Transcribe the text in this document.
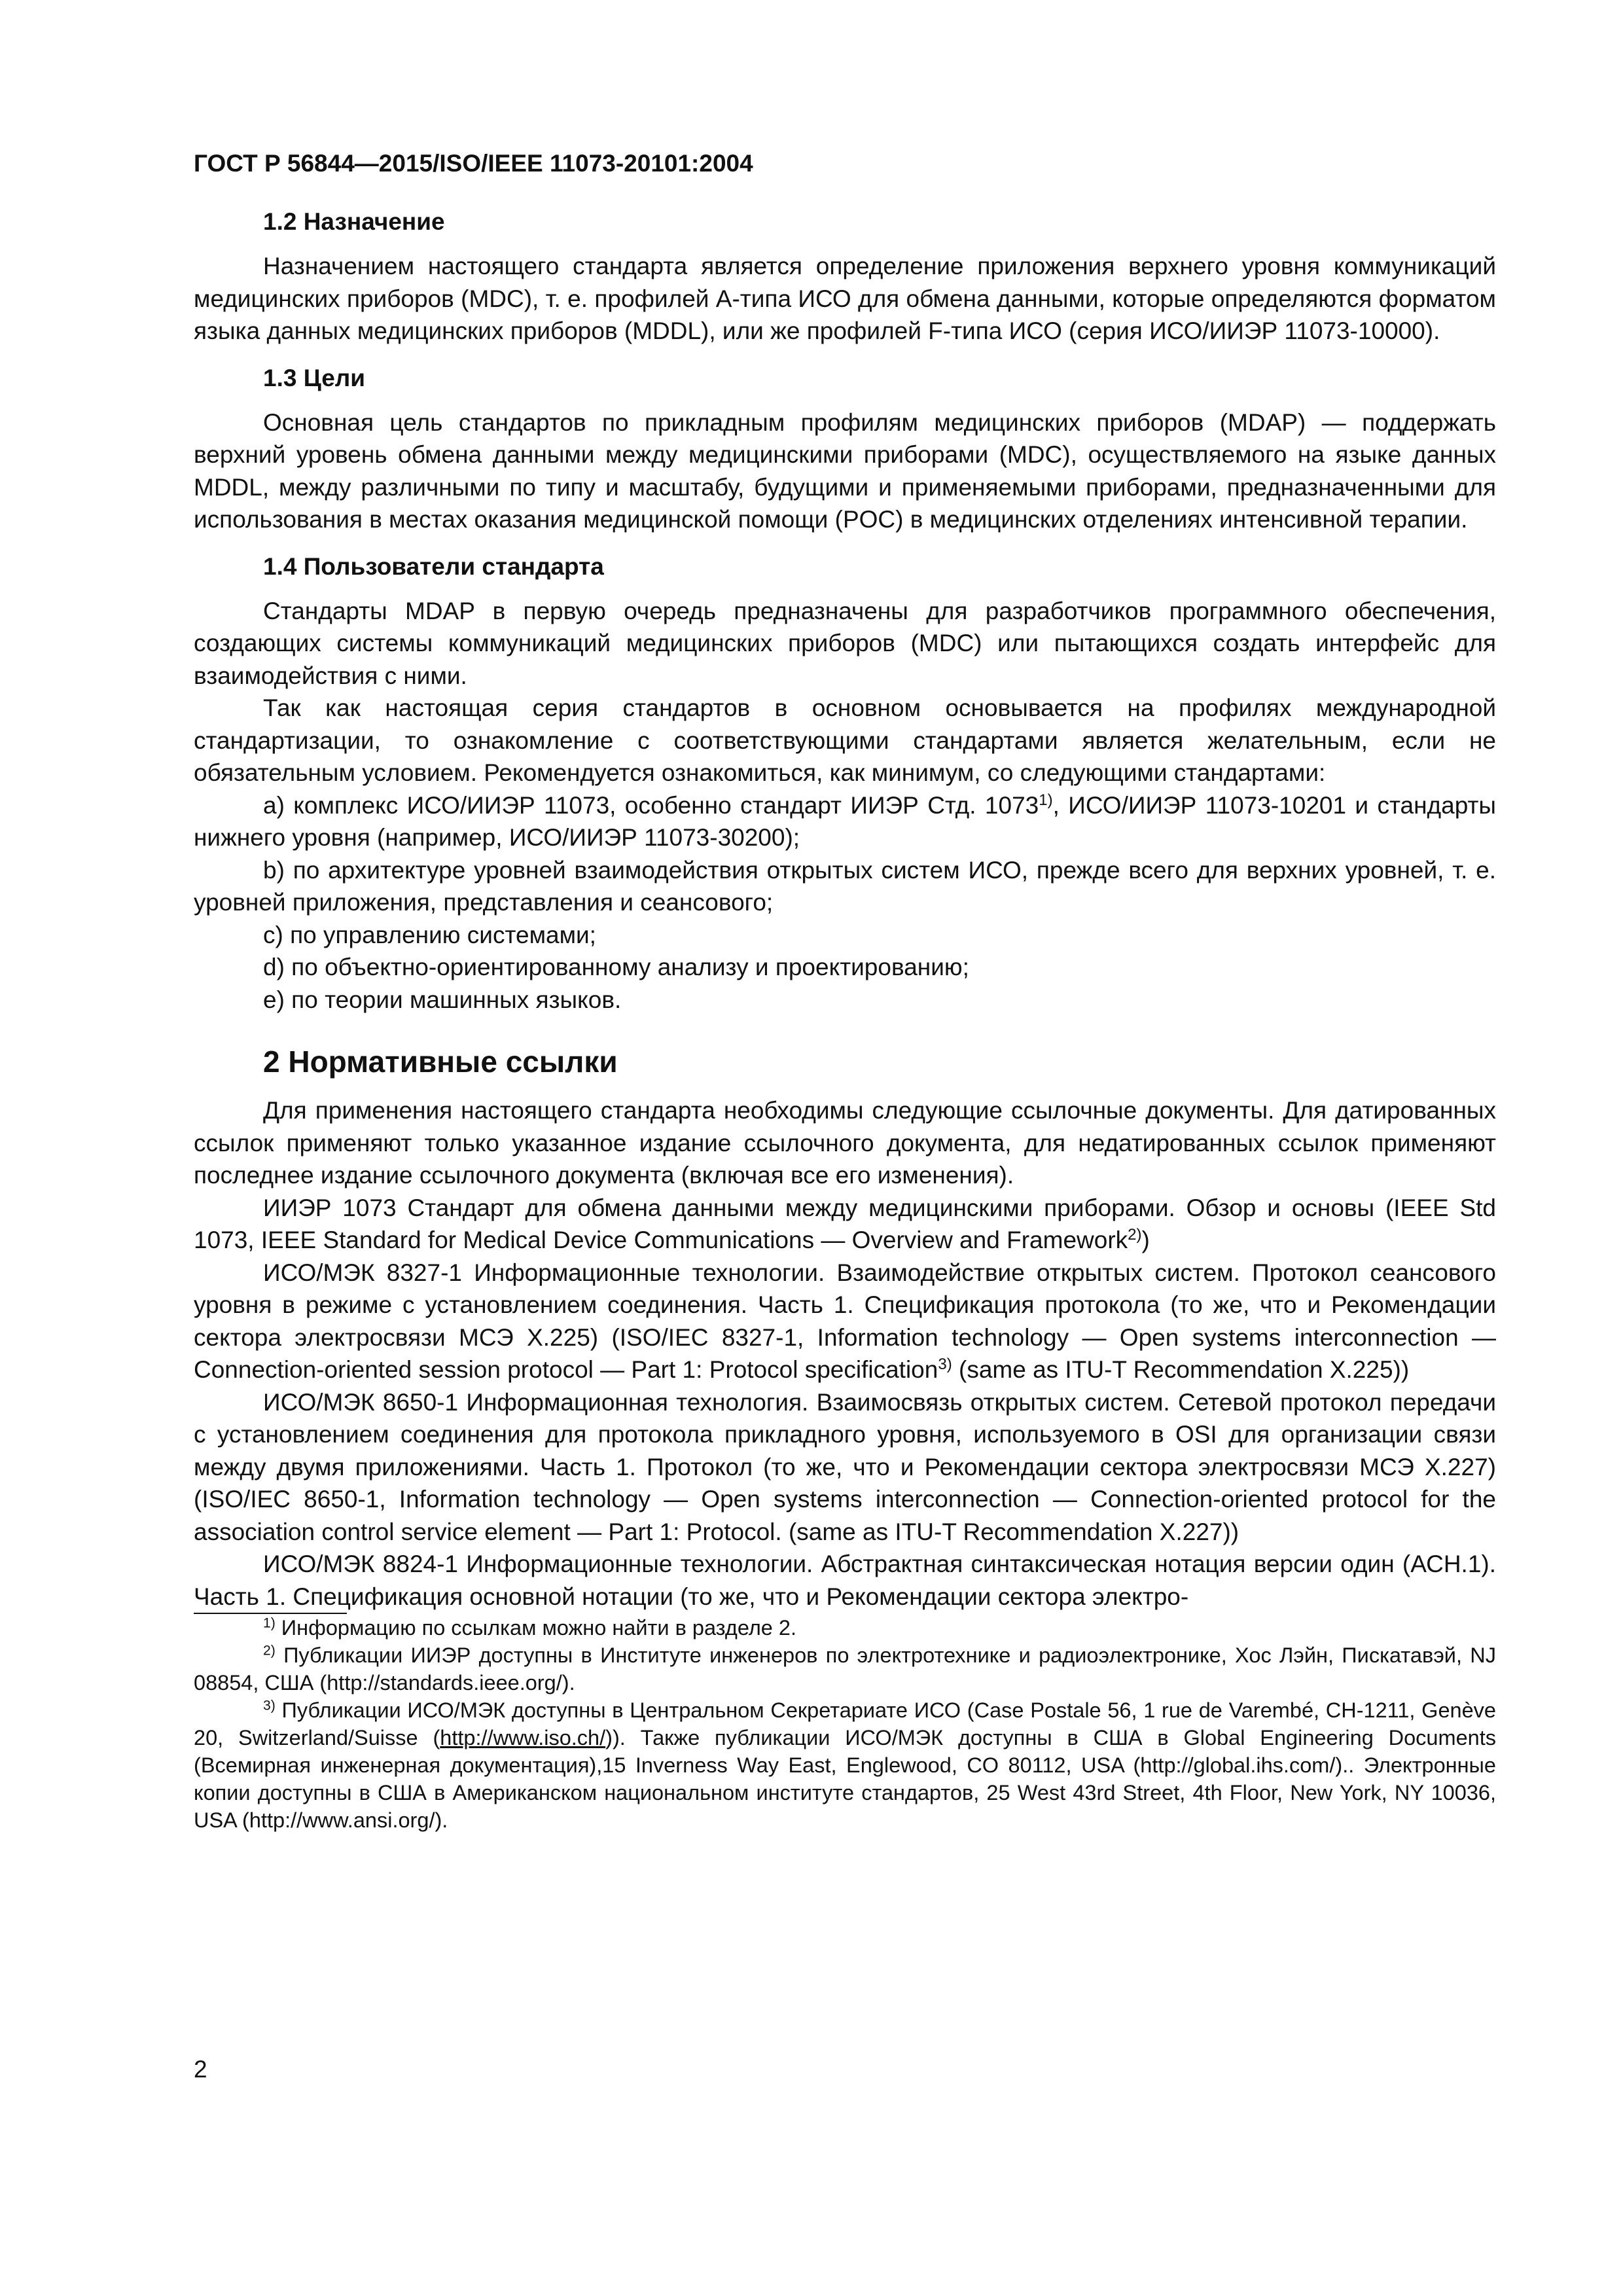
ГОСТ Р 56844—2015/ISO/IEEE 11073-20101:2004
1.2 Назначение

Назначением настоящего стандарта является определение приложения верхнего уровня коммуникаций медицинских приборов (MDC), т. е. профилей А-типа ИСО для обмена данными, которые определяются форматом языка данных медицинских приборов (MDDL), или же профилей F-типа ИСО (серия ИСО/ИИЭР 11073-10000).

1.3 Цели

Основная цель стандартов по прикладным профилям медицинских приборов (MDAP) — поддержать верхний уровень обмена данными между медицинскими приборами (MDC), осуществляемого на языке данных MDDL, между различными по типу и масштабу, будущими и применяемыми приборами, предназначенными для использования в местах оказания медицинской помощи (POC) в медицинских отделениях интенсивной терапии.

1.4 Пользователи стандарта

Стандарты MDAP в первую очередь предназначены для разработчиков программного обеспечения, создающих системы коммуникаций медицинских приборов (MDC) или пытающихся создать интерфейс для взаимодействия с ними.

Так как настоящая серия стандартов в основном основывается на профилях международной стандартизации, то ознакомление с соответствующими стандартами является желательным, если не обязательным условием. Рекомендуется ознакомиться, как минимум, со следующими стандартами:

a) комплекс ИСО/ИИЭР 11073, особенно стандарт ИИЭР Стд. 1073$^{1)}$, ИСО/ИИЭР 11073-10201 и стандарты нижнего уровня (например, ИСО/ИИЭР 11073-30200);

b) по архитектуре уровней взаимодействия открытых систем ИСО, прежде всего для верхних уровней, т. е. уровней приложения, представления и сеансового;

c) по управлению системами;

d) по объектно-ориентированному анализу и проектированию;

e) по теории машинных языков.

2 Нормативные ссылки

Для применения настоящего стандарта необходимы следующие ссылочные документы. Для датированных ссылок применяют только указанное издание ссылочного документа, для недатированных ссылок применяют последнее издание ссылочного документа (включая все его изменения).

ИИЭР 1073 Стандарт для обмена данными между медицинскими приборами. Обзор и основы (IEEE Std 1073, IEEE Standard for Medical Device Communications — Overview and Framework$^{2)}$)

ИСО/МЭК 8327-1 Информационные технологии. Взаимодействие открытых систем. Протокол сеансового уровня в режиме с установлением соединения. Часть 1. Спецификация протокола (то же, что и Рекомендации сектора электросвязи МСЭ X.225) (ISO/IEC 8327-1, Information technology — Open systems interconnection — Connection-oriented session protocol — Part 1: Protocol specification$^{3)}$ (same as ITU-T Recommendation X.225))

ИСО/МЭК 8650-1 Информационная технология. Взаимосвязь открытых систем. Сетевой протокол передачи с установлением соединения для протокола прикладного уровня, используемого в OSI для организации связи между двумя приложениями. Часть 1. Протокол (то же, что и Рекомендации сектора электросвязи МСЭ X.227) (ISO/IEC 8650-1, Information technology — Open systems interconnection — Connection-oriented protocol for the association control service element — Part 1: Protocol. (same as ITU-T Recommendation X.227))

ИСО/МЭК 8824-1 Информационные технологии. Абстрактная синтаксическая нотация версии один (АСН.1). Часть 1. Спецификация основной нотации (то же, что и Рекомендации сектора электро-

$^{1)}$ Информацию по ссылкам можно найти в разделе 2.

$^{2)}$ Публикации ИИЭР доступны в Институте инженеров по электротехнике и радиоэлектронике, Хос Лэйн, Пискатавэй, NJ 08854, США (http://standards.ieee.org/).

$^{3)}$ Публикации ИСО/МЭК доступны в Центральном Секретариате ИСО (Case Postale 56, 1 rue de Varembé, CH-1211, Genève 20, Switzerland/Suisse (http://www.iso.ch/)). Также публикации ИСО/МЭК доступны в США в Global Engineering Documents (Всемирная инженерная документация),15 Inverness Way East, Englewood, CO 80112, USA (http://global.ihs.com/).. Электронные копии доступны в США в Американском национальном институте стандартов, 25 West 43rd Street, 4th Floor, New York, NY 10036, USA (http://www.ansi.org/).

2
